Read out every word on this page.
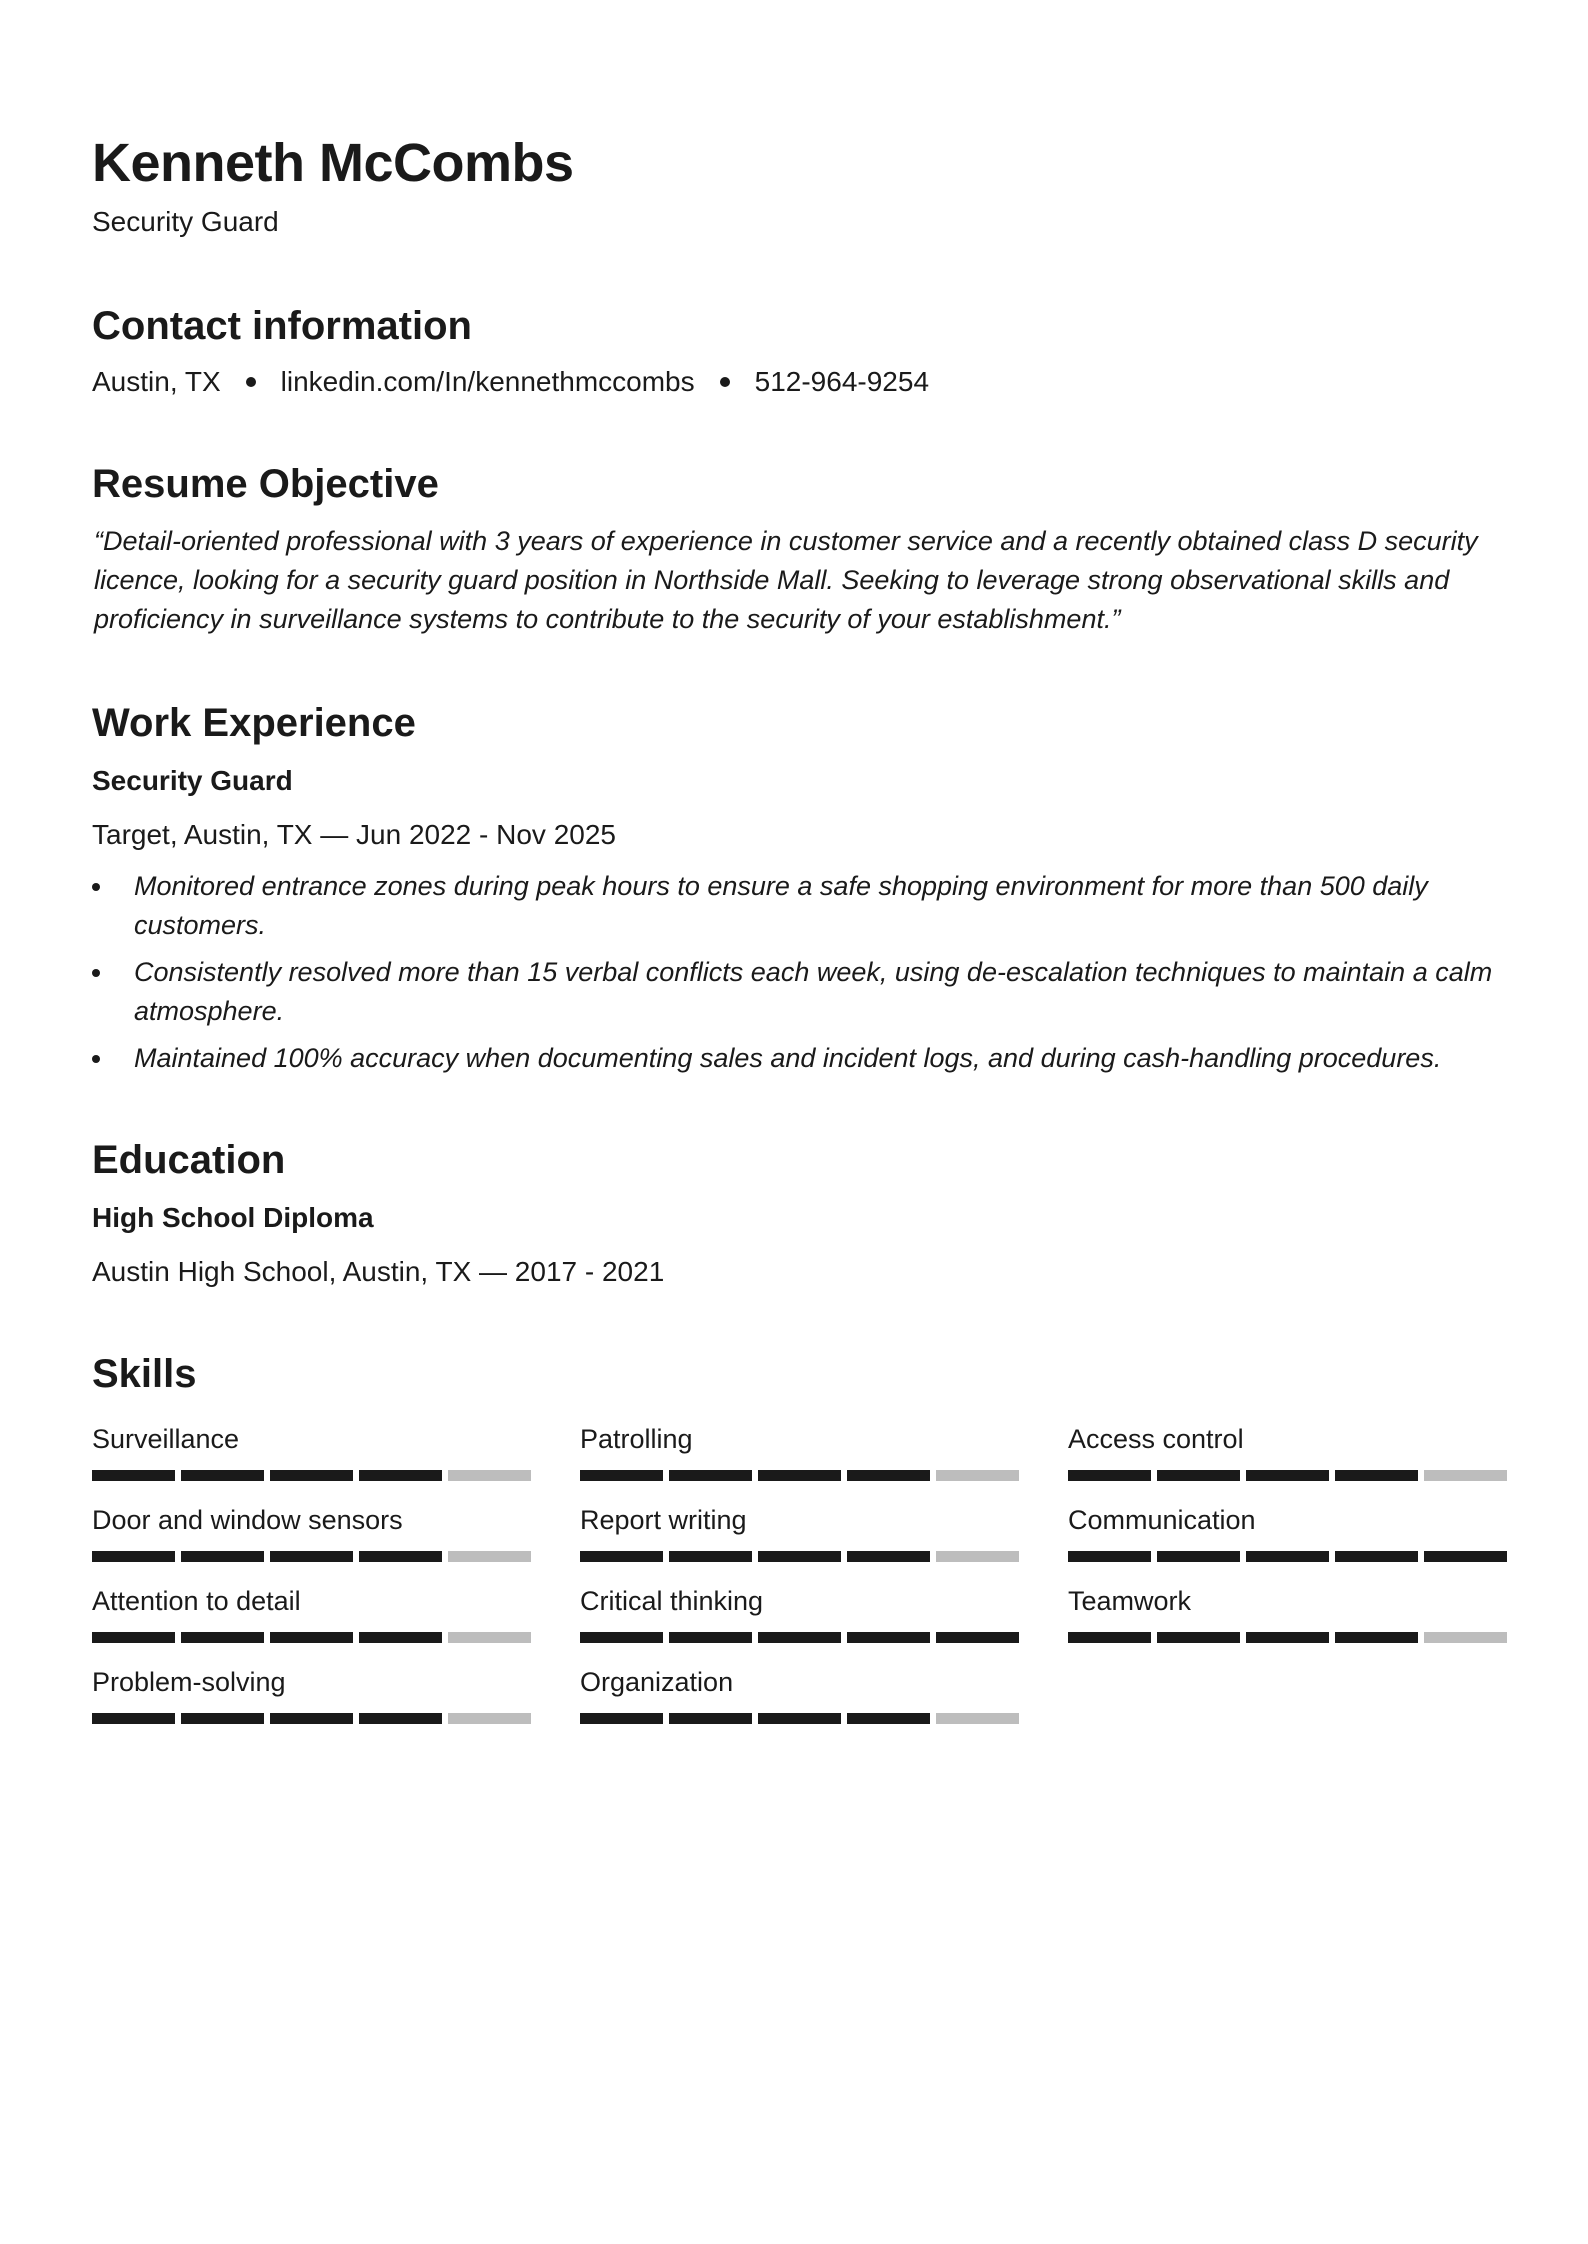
Kenneth McCombs

Security Guard

Contact information
Austin, TX linkedin.com/In/kennethmccombs 512-964-9254
Resume Objective

“Detail-oriented professional with 3 years of experience in customer service and a recently obtained class D security licence, looking for a security guard position in Northside Mall. Seeking to leverage strong observational skills and proficiency in surveillance systems to contribute to the security of your establishment.”

Work Experience

Security Guard

Target, Austin, TX — Jun 2022 - Nov 2025

Monitored entrance zones during peak hours to ensure a safe shopping environment for more than 500 daily customers.
Consistently resolved more than 15 verbal conflicts each week, using de-escalation techniques to maintain a calm atmosphere.
Maintained 100% accuracy when documenting sales and incident logs, and during cash-handling procedures.
Education

High School Diploma

Austin High School, Austin, TX — 2017 - 2021

Skills
Surveillance	Patrolling	Access control
Door and window sensors	Report writing	Communication
Attention to detail	Critical thinking	Teamwork
Problem-solving	Organization
